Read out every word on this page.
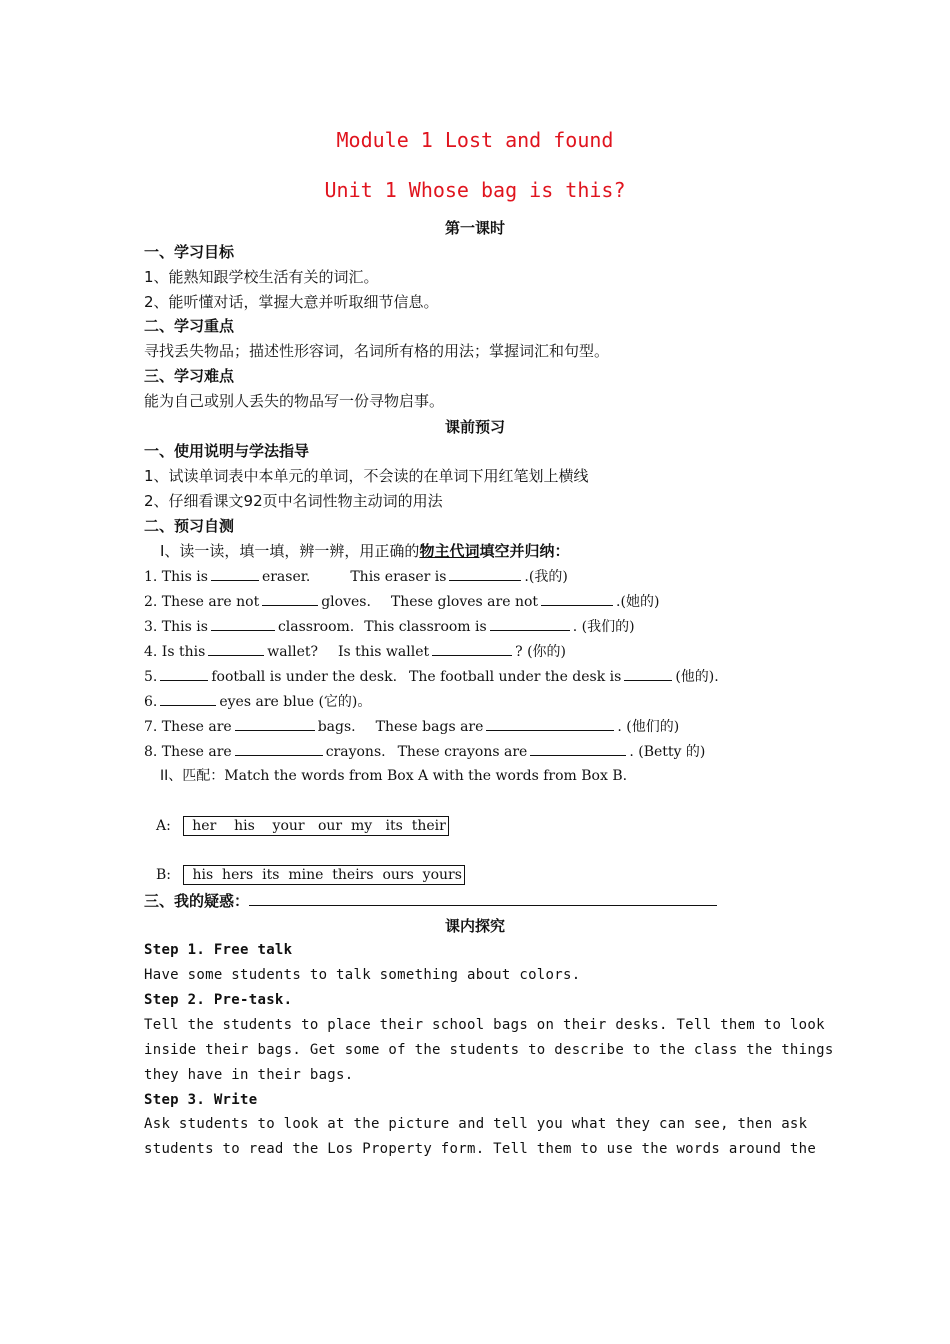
Module 1 Lost and found
Unit 1 Whose bag is this?
第一课时
一、学习目标
1、能熟知跟学校生活有关的词汇。
2、能听懂对话，掌握大意并听取细节信息。
二、学习重点
寻找丢失物品；描述性形容词，名词所有格的用法；掌握词汇和句型。
三、学习难点
能为自己或别人丢失的物品写一份寻物启事。
课前预习
一、使用说明与学法指导
1、试读单词表中本单元的单词，不会读的在单词下用红笔划上横线
2、仔细看课文92页中名词性物主动词的用法
二、预习自测
I、读一读，填一填，辨一辨，用正确的物主代词填空并归纳：
1. This is	eraser.	This eraser is	.(我的)
2. These are not	gloves. These gloves are not	.(她的)
3. This is	classroom. This classroom is	. (我们的)
4. Is this	wallet? Is this wallet	? (你的)
5.	football is under the desk. The football under the desk is	(他的).
6.	eyes are blue (它的)。
7. These are	bags. These bags are	. (他们的)
8. These are	crayons. These crayons are	. (Betty 的)
II、匹配：Match the words from Box A with the words from Box B.
A: her    his    your   our  my   its  their
B: his  hers  its  mine  theirs  ours  yours
三、我的疑惑：
课内探究
Step 1. Free talk
Have some students to talk something about colors.
Step 2. Pre-task.
Tell the students to place their school bags on their desks. Tell them to look
inside their bags. Get some of the students to describe to the class the things
they have in their bags.
Step 3. Write
Ask students to look at the picture and tell you what they can see, then ask
students to read the Los Property form. Tell them to use the words around the
